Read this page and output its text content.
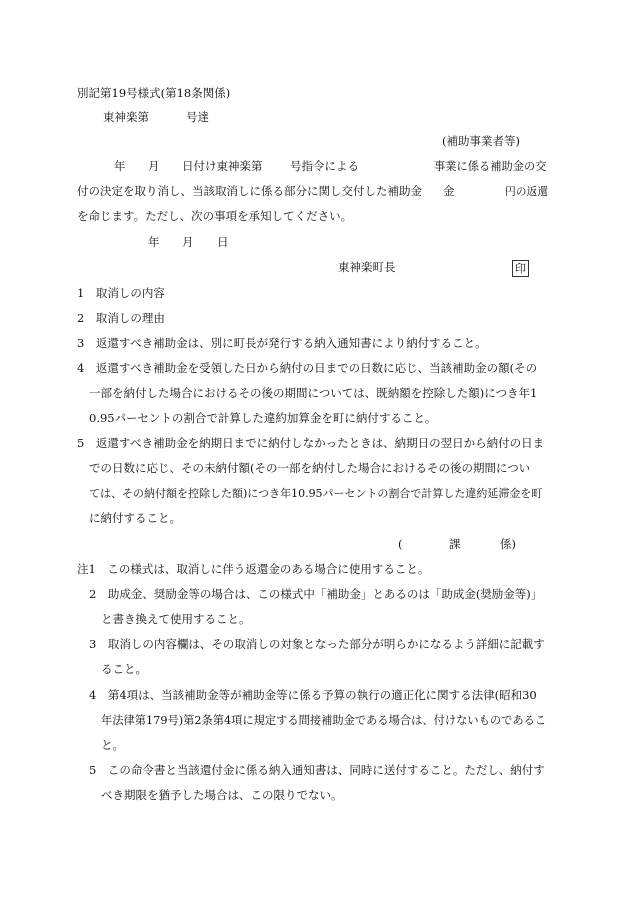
別記第19号様式(第18条関係)
東神楽第	号達
(補助事業者等)
年 月 日付け東神楽第 号指令による	事業に係る補助金の交
付の決定を取り消し、当該取消しに係る部分に関し交付した補助金 金	円の返還
を命じます。ただし、次の事項を承知してください。
年 月 日
東神楽町長	印
1　取消しの内容
2　取消しの理由
3　返還すべき補助金は、別に町長が発行する納入通知書により納付すること。
4　返還すべき補助金を受領した日から納付の日までの日数に応じ、当該補助金の額(その
一部を納付した場合におけるその後の期間については、既納額を控除した額)につき年1
0.95パーセントの割合で計算した違約加算金を町に納付すること。
5　返還すべき補助金を納期日までに納付しなかったときは、納期日の翌日から納付の日ま
での日数に応じ、その未納付額(その一部を納付した場合におけるその後の期間につい
ては、その納付額を控除した額)につき年10.95パーセントの割合で計算した違約延滞金を町
に納付すること。
(	課	係)
注1　この様式は、取消しに伴う返還金のある場合に使用すること。
2　助成金、奨励金等の場合は、この様式中「補助金」とあるのは「助成金(奨励金等)」
と書き換えて使用すること。
3　取消しの内容欄は、その取消しの対象となった部分が明らかになるよう詳細に記載す
ること。
4　第4項は、当該補助金等が補助金等に係る予算の執行の適正化に関する法律(昭和30
年法律第179号)第2条第4項に規定する間接補助金である場合は、付けないものであるこ
と。
5　この命令書と当該還付金に係る納入通知書は、同時に送付すること。ただし、納付す
べき期限を猶予した場合は、この限りでない。
